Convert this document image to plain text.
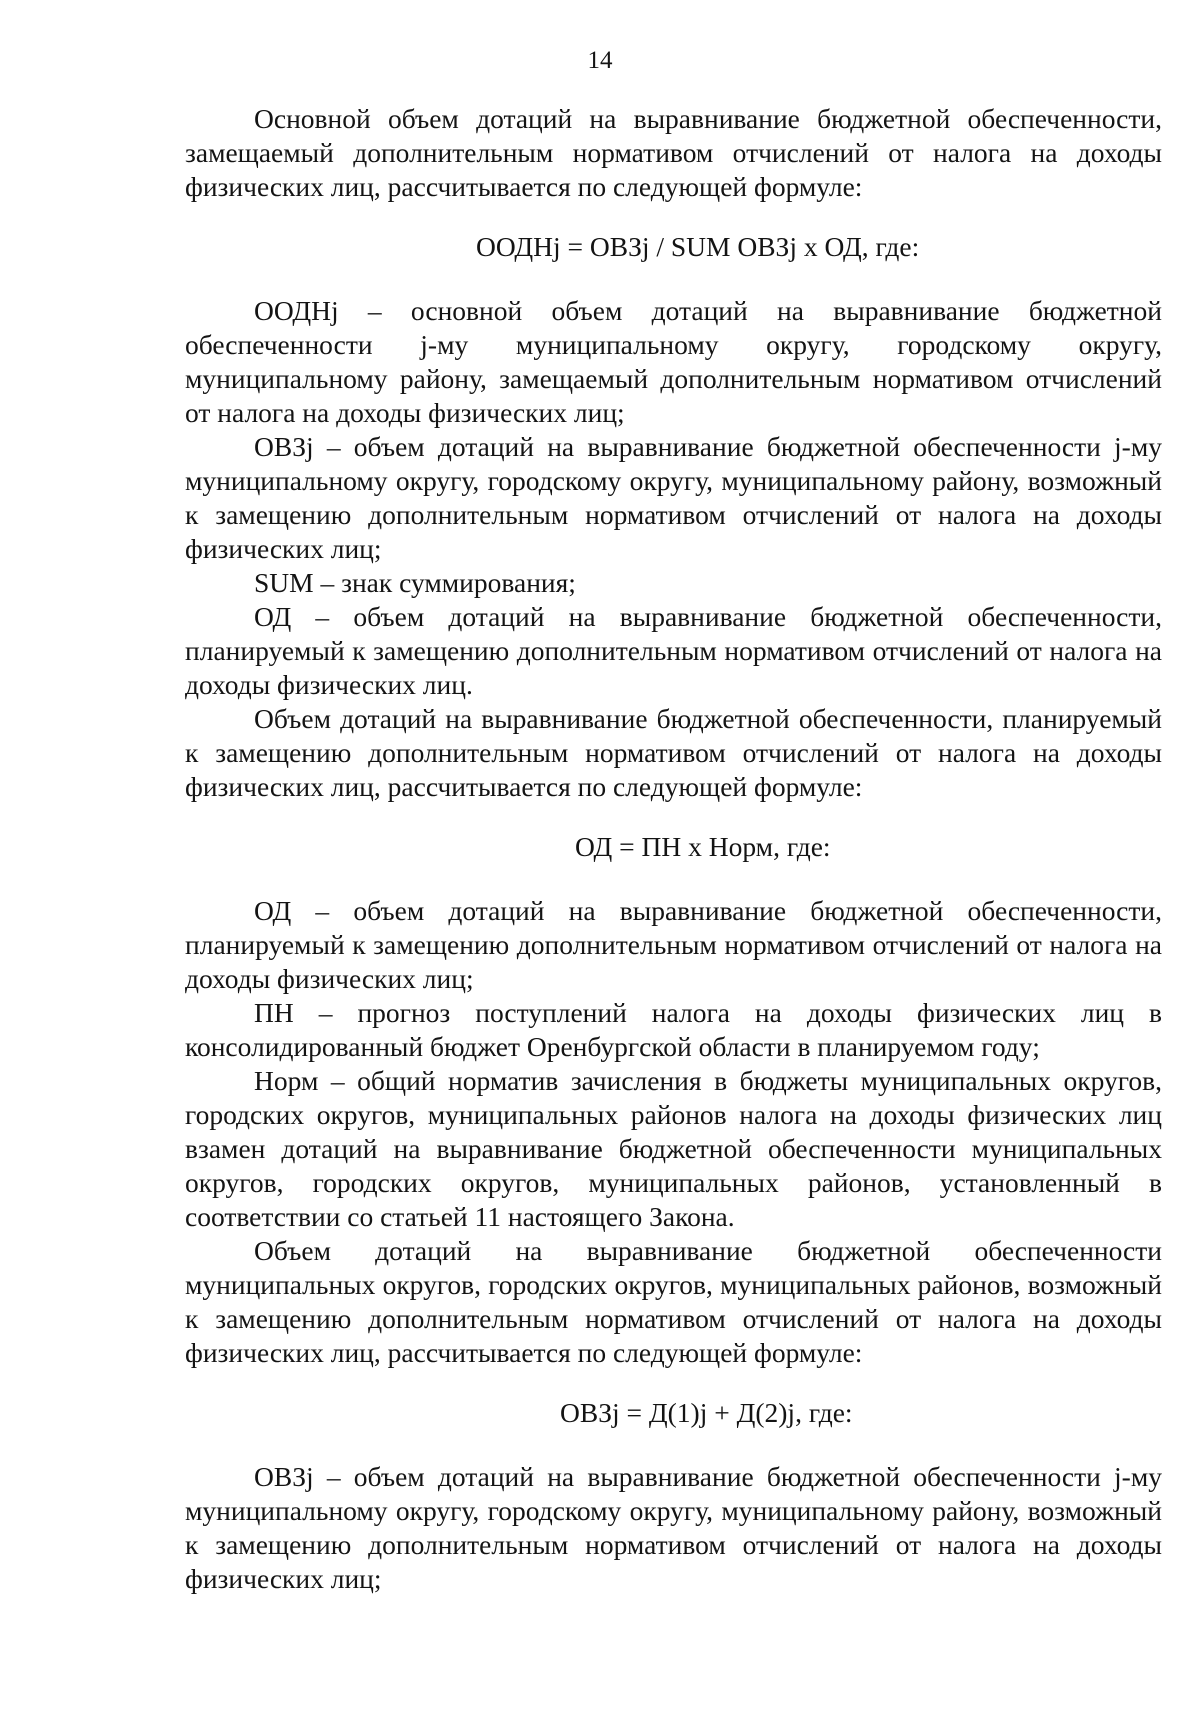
14

Основной объем дотаций на выравнивание бюджетной обеспеченности, замещаемый дополнительным нормативом отчислений от налога на доходы физических лиц, рассчитывается по следующей формуле:

ООДНj = ОВЗj / SUM ОВЗj х ОД, где:

ООДНj – основной объем дотаций на выравнивание бюджетной обеспеченности j-му муниципальному округу, городскому округу, муниципальному району, замещаемый дополнительным нормативом отчислений от налога на доходы физических лиц;

ОВЗj – объем дотаций на выравнивание бюджетной обеспеченности j-му муниципальному округу, городскому округу, муниципальному району, возможный к замещению дополнительным нормативом отчислений от налога на доходы физических лиц;

SUM – знак суммирования;

ОД – объем дотаций на выравнивание бюджетной обеспеченности, планируемый к замещению дополнительным нормативом отчислений от налога на доходы физических лиц.

Объем дотаций на выравнивание бюджетной обеспеченности, планируемый к замещению дополнительным нормативом отчислений от налога на доходы физических лиц, рассчитывается по следующей формуле:

ОД = ПН х Норм, где:

ОД – объем дотаций на выравнивание бюджетной обеспеченности, планируемый к замещению дополнительным нормативом отчислений от налога на доходы физических лиц;

ПН – прогноз поступлений налога на доходы физических лиц в консолидированный бюджет Оренбургской области в планируемом году;

Норм – общий норматив зачисления в бюджеты муниципальных округов, городских округов, муниципальных районов налога на доходы физических лиц взамен дотаций на выравнивание бюджетной обеспеченности муниципальных округов, городских округов, муниципальных районов, установленный в соответствии со статьей 11 настоящего Закона.

Объем дотаций на выравнивание бюджетной обеспеченности муниципальных округов, городских округов, муниципальных районов, возможный к замещению дополнительным нормативом отчислений от налога на доходы физических лиц, рассчитывается по следующей формуле:

ОВЗj = Д(1)j + Д(2)j, где:

ОВЗj – объем дотаций на выравнивание бюджетной обеспеченности j-му муниципальному округу, городскому округу, муниципальному району, возможный к замещению дополнительным нормативом отчислений от налога на доходы физических лиц;
